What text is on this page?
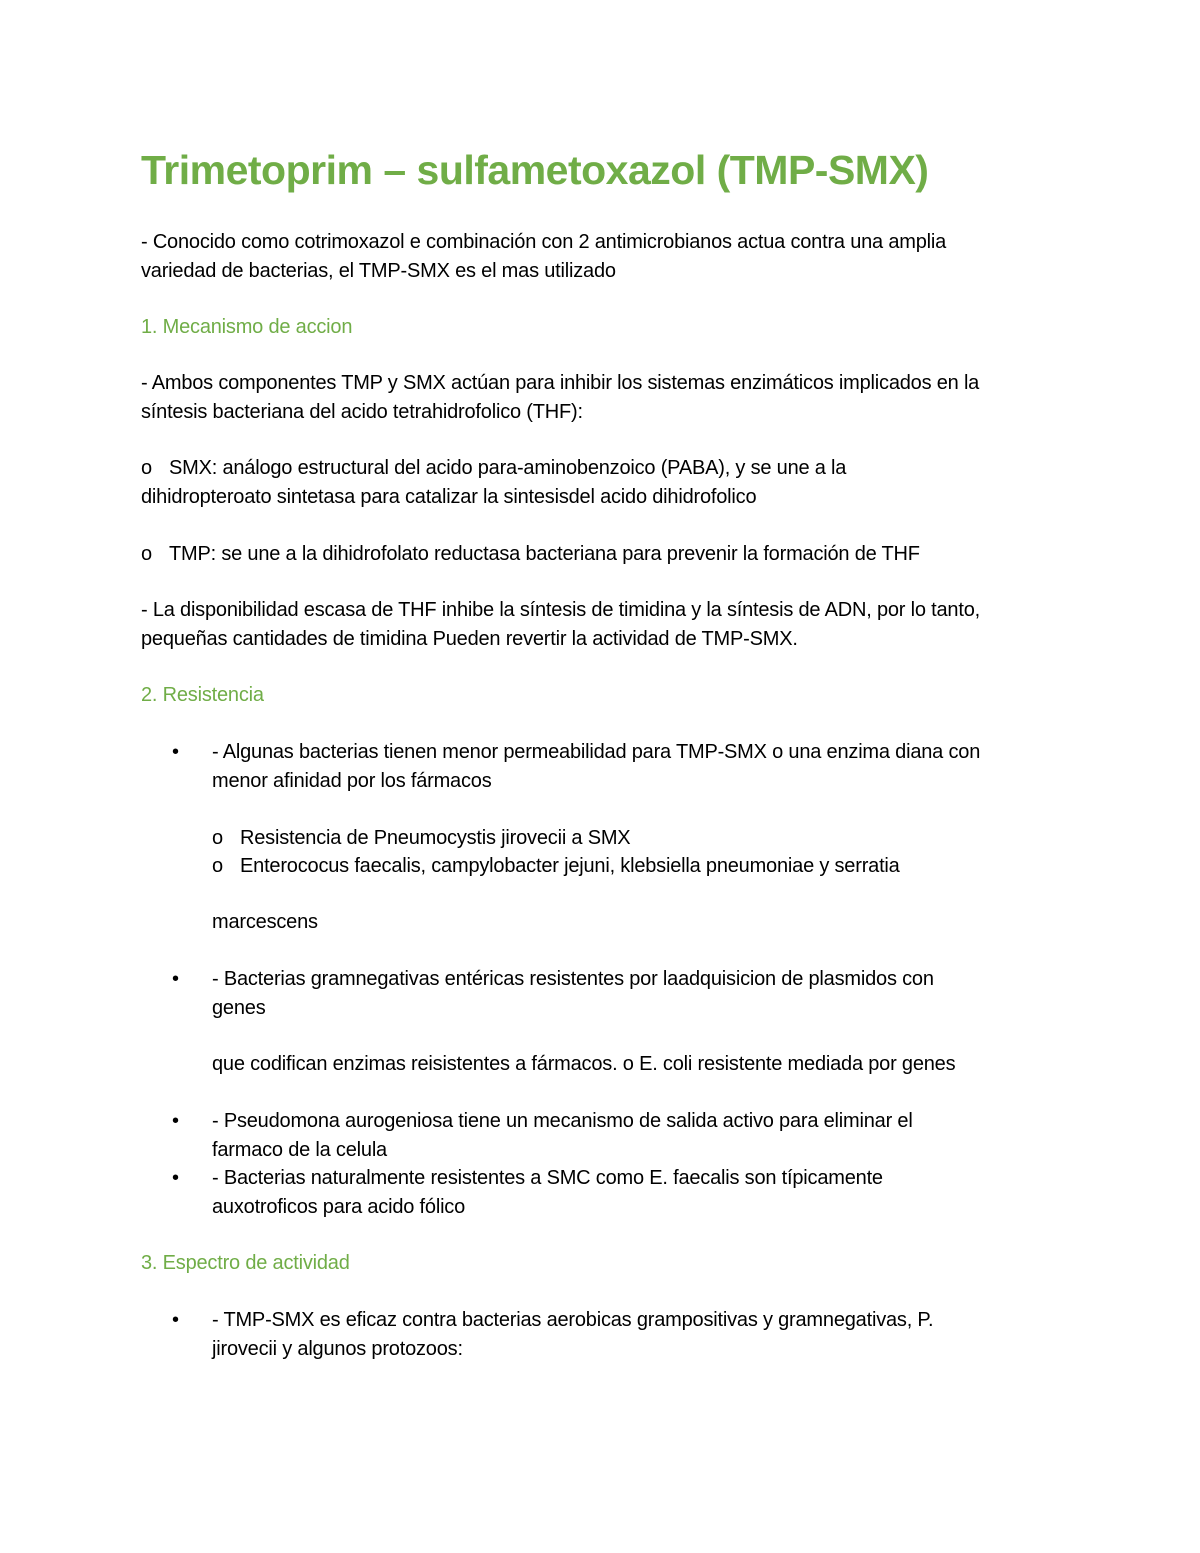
Trimetoprim – sulfametoxazol (TMP-SMX)
- Conocido como cotrimoxazol e combinación con 2 antimicrobianos actua contra una amplia
variedad de bacterias, el TMP-SMX es el mas utilizado
1. Mecanismo de accion
- Ambos componentes TMP y SMX actúan para inhibir los sistemas enzimáticos implicados en la
síntesis bacteriana del acido tetrahidrofolico (THF):
o SMX: análogo estructural del acido para-aminobenzoico (PABA), y se une a la
dihidropteroato sintetasa para catalizar la sintesisdel acido dihidrofolico
o TMP: se une a la dihidrofolato reductasa bacteriana para prevenir la formación de THF
- La disponibilidad escasa de THF inhibe la síntesis de timidina y la síntesis de ADN, por lo tanto,
pequeñas cantidades de timidina Pueden revertir la actividad de TMP-SMX.
2. Resistencia
• - Algunas bacterias tienen menor permeabilidad para TMP-SMX o una enzima diana con
menor afinidad por los fármacos
o Resistencia de Pneumocystis jirovecii a SMX
o Enterococus faecalis, campylobacter jejuni, klebsiella pneumoniae y serratia
marcescens
• - Bacterias gramnegativas entéricas resistentes por laadquisicion de plasmidos con
genes
que codifican enzimas reisistentes a fármacos. o E. coli resistente mediada por genes
• - Pseudomona aurogeniosa tiene un mecanismo de salida activo para eliminar el
farmaco de la celula
• - Bacterias naturalmente resistentes a SMC como E. faecalis son típicamente
auxotroficos para acido fólico
3. Espectro de actividad
• - TMP-SMX es eficaz contra bacterias aerobicas grampositivas y gramnegativas, P.
jirovecii y algunos protozoos:
